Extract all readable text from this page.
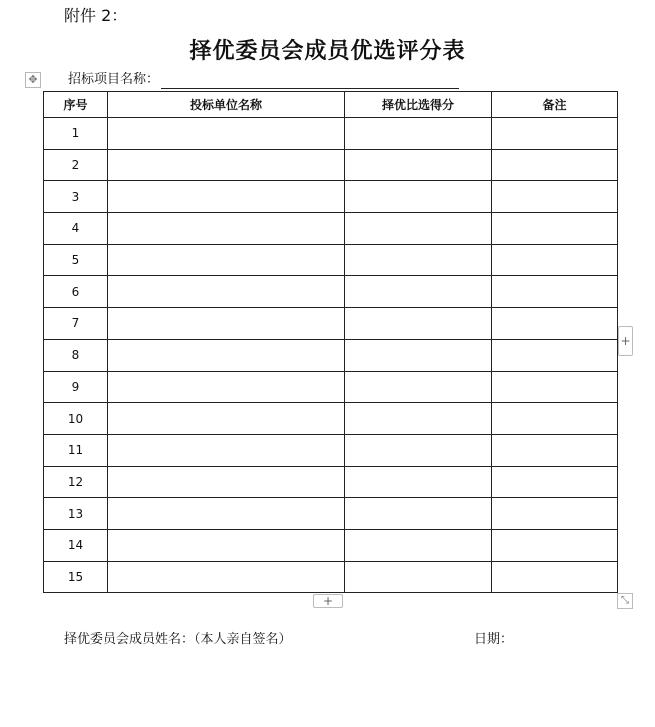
附件 2：
择优委员会成员优选评分表
✥ 招标项目名称：
序号	投标单位名称	择优比选得分	备注
1			
2			
3			
4			
5			
6			
7			
8			
9			
10			
11			
12			
13			
14			
15			
+
+
⤡
择优委员会成员姓名：（本人亲自签名）	日期：
